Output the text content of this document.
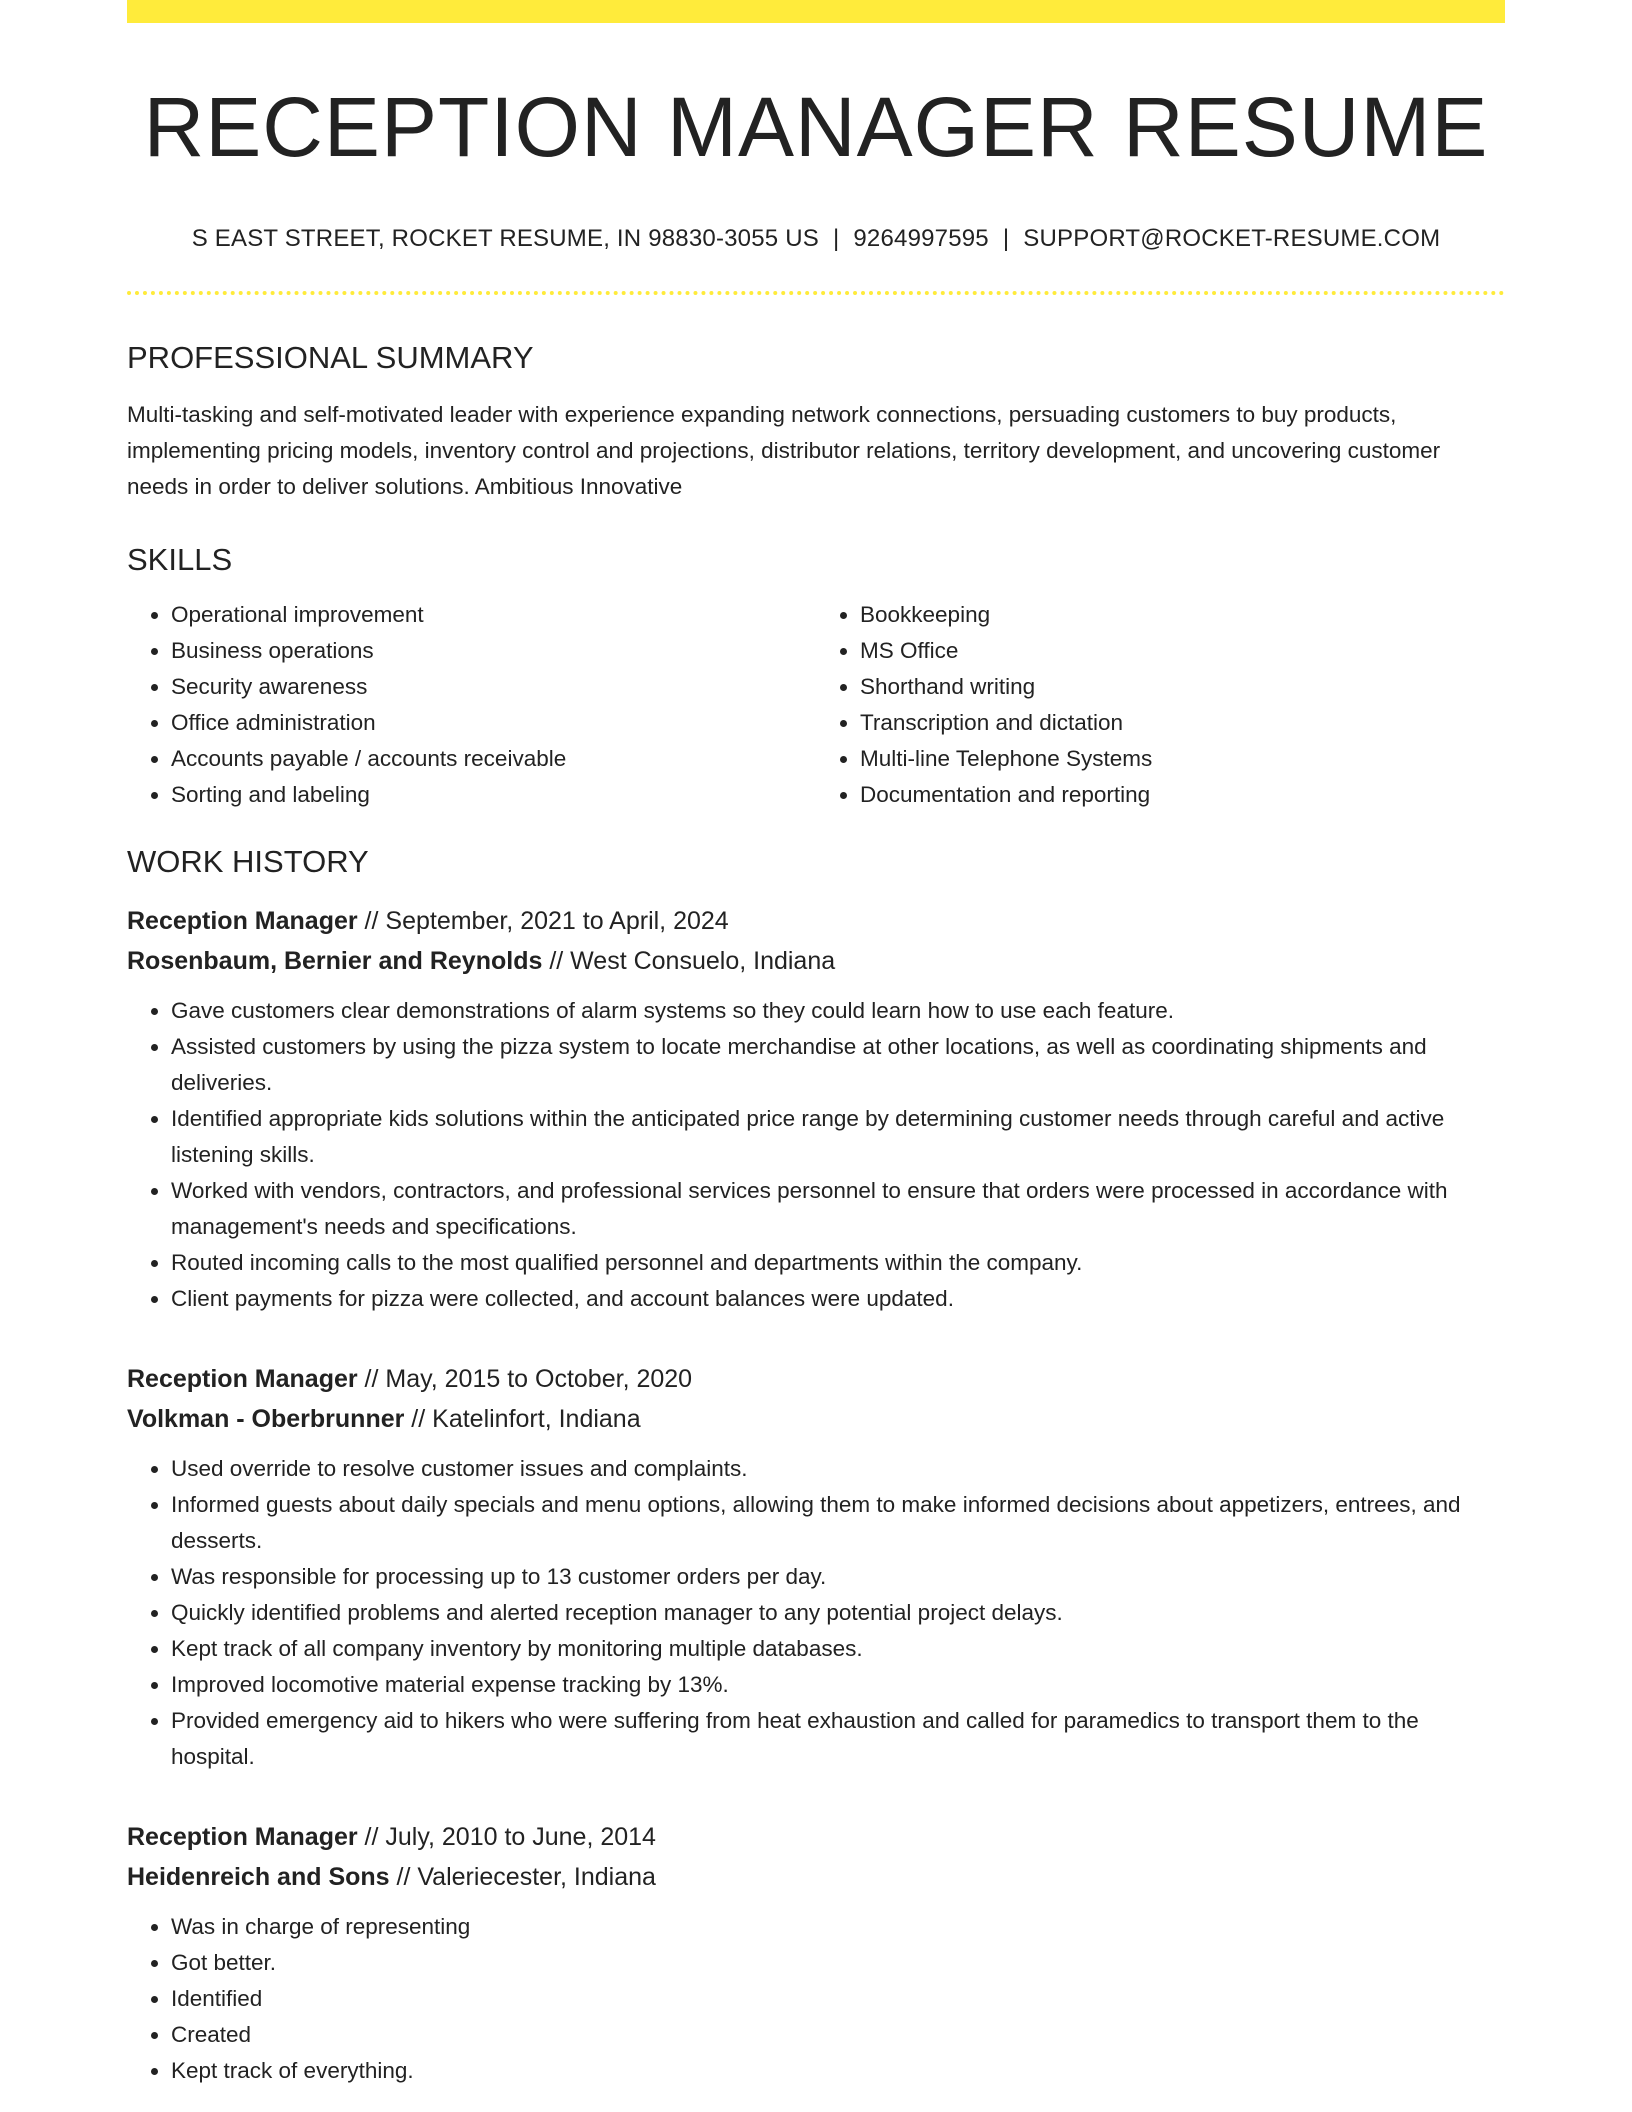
RECEPTION MANAGER RESUME
S EAST STREET, ROCKET RESUME, IN 98830-3055 US | 9264997595 | SUPPORT@ROCKET-RESUME.COM
PROFESSIONAL SUMMARY

Multi-tasking and self-motivated leader with experience expanding network connections, persuading customers to buy products, implementing pricing models, inventory control and projections, distributor relations, territory development, and uncovering customer needs in order to deliver solutions. Ambitious Innovative

SKILLS
• Operational improvement
• Business operations
• Security awareness
• Office administration
• Accounts payable / accounts receivable
• Sorting and labeling
• Bookkeeping
• MS Office
• Shorthand writing
• Transcription and dictation
• Multi-line Telephone Systems
• Documentation and reporting
WORK HISTORY
Reception Manager // September, 2021 to April, 2024
Rosenbaum, Bernier and Reynolds // West Consuelo, Indiana
• Gave customers clear demonstrations of alarm systems so they could learn how to use each feature.
• Assisted customers by using the pizza system to locate merchandise at other locations, as well as coordinating shipments and deliveries.
• Identified appropriate kids solutions within the anticipated price range by determining customer needs through careful and active listening skills.
• Worked with vendors, contractors, and professional services personnel to ensure that orders were processed in accordance with management's needs and specifications.
• Routed incoming calls to the most qualified personnel and departments within the company.
• Client payments for pizza were collected, and account balances were updated.
Reception Manager // May, 2015 to October, 2020
Volkman - Oberbrunner // Katelinfort, Indiana
• Used override to resolve customer issues and complaints.
• Informed guests about daily specials and menu options, allowing them to make informed decisions about appetizers, entrees, and desserts.
• Was responsible for processing up to 13 customer orders per day.
• Quickly identified problems and alerted reception manager to any potential project delays.
• Kept track of all company inventory by monitoring multiple databases.
• Improved locomotive material expense tracking by 13%.
• Provided emergency aid to hikers who were suffering from heat exhaustion and called for paramedics to transport them to the hospital.
Reception Manager // July, 2010 to June, 2014
Heidenreich and Sons // Valeriecester, Indiana
• Was in charge of representing
• Got better.
• Identified
• Created
• Kept track of everything.
